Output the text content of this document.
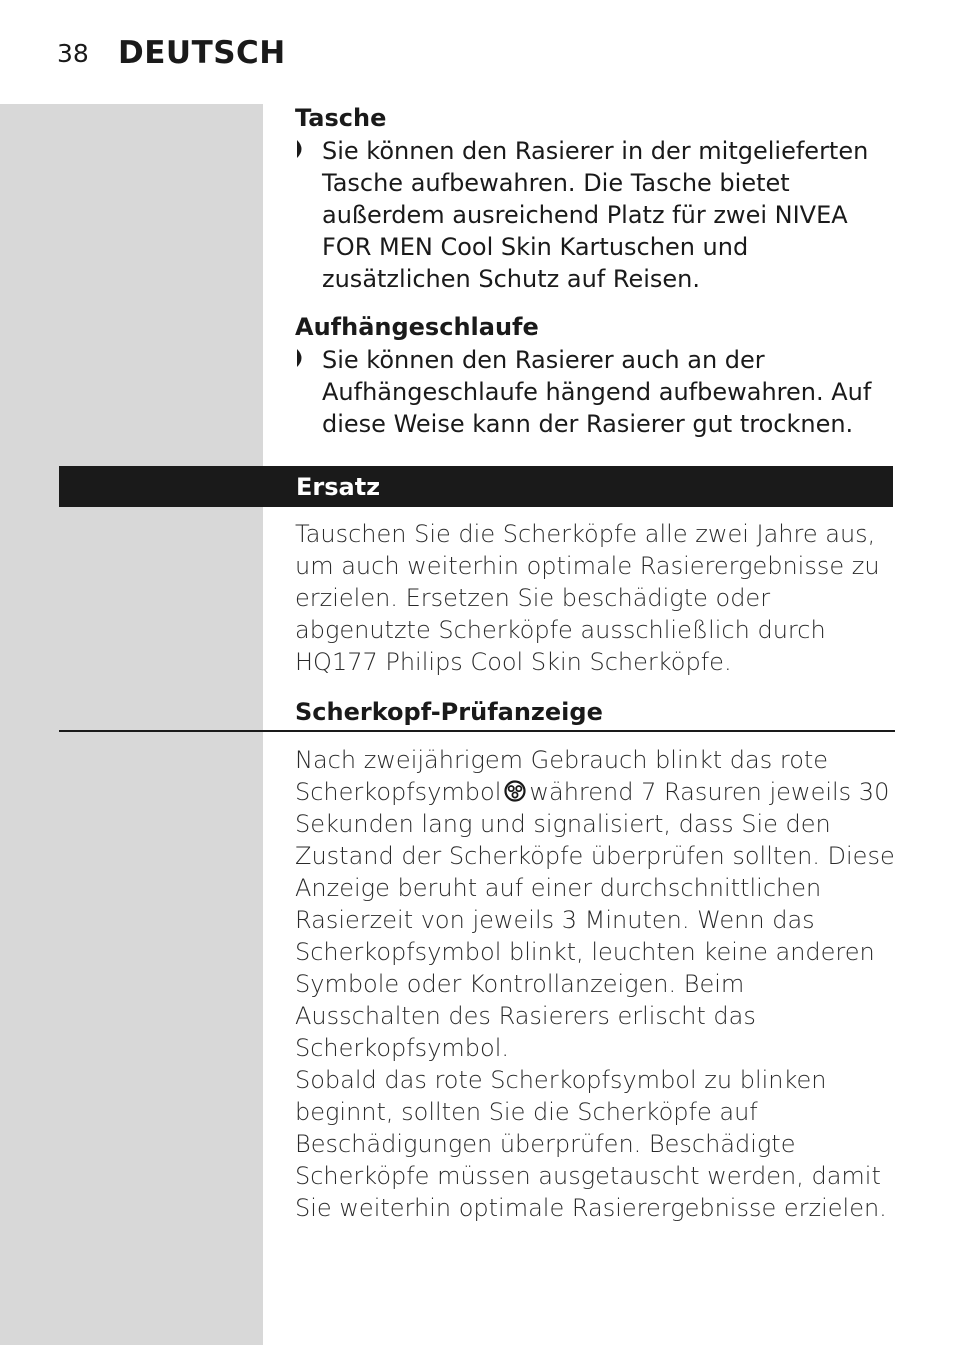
38 DEUTSCH
Tasche
Sie können den Rasierer in der mitgelieferten Tasche aufbewahren. Die Tasche bietet außerdem ausreichend Platz für zwei NIVEA FOR MEN Cool Skin Kartuschen und zusätzlichen Schutz auf Reisen.
Aufhängeschlaufe
Sie können den Rasierer auch an der Aufhängeschlaufe hängend aufbewahren. Auf diese Weise kann der Rasierer gut trocknen.
Ersatz

Tauschen Sie die Scherköpfe alle zwei Jahre aus, um auch weiterhin optimale Rasierergebnisse zu erzielen. Ersetzen Sie beschädigte oder abgenutzte Scherköpfe ausschließlich durch HQ177 Philips Cool Skin Scherköpfe.

Scherkopf-Prüfanzeige

Nach zweijährigem Gebrauch blinkt das rote Scherkopfsymbol während 7 Rasuren jeweils 30 Sekunden lang und signalisiert, dass Sie den Zustand der Scherköpfe überprüfen sollten. Diese Anzeige beruht auf einer durchschnittlichen Rasierzeit von jeweils 3 Minuten. Wenn das Scherkopfsymbol blinkt, leuchten keine anderen Symbole oder Kontrollanzeigen. Beim Ausschalten des Rasierers erlischt das Scherkopfsymbol.

Sobald das rote Scherkopfsymbol zu blinken beginnt, sollten Sie die Scherköpfe auf Beschädigungen überprüfen. Beschädigte Scherköpfe müssen ausgetauscht werden, damit Sie weiterhin optimale Rasierergebnisse erzielen.
